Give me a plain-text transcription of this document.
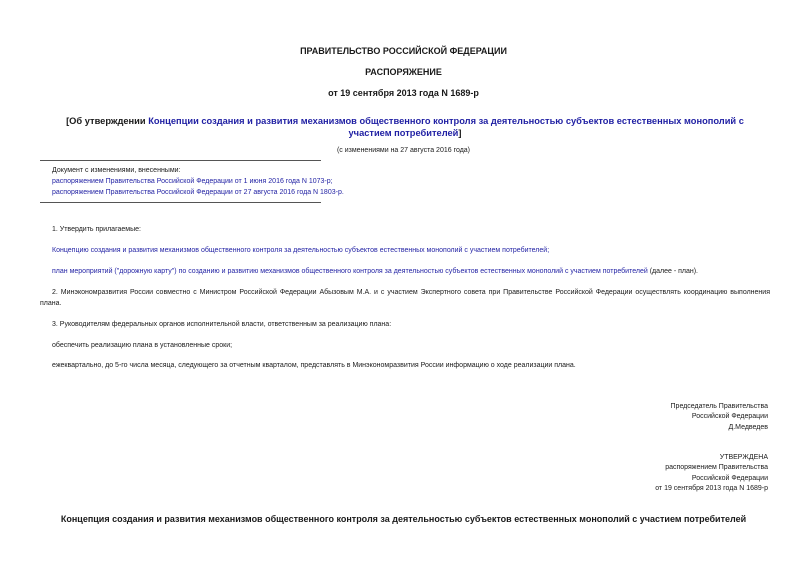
ПРАВИТЕЛЬСТВО РОССИЙСКОЙ ФЕДЕРАЦИИ
РАСПОРЯЖЕНИЕ
от 19 сентября 2013 года N 1689-р
[Об утверждении Концепции создания и развития механизмов общественного контроля за деятельностью субъектов естественных монополий с участием потребителей]
(с изменениями на 27 августа 2016 года)
Документ с изменениями, внесенными:
распоряжением Правительства Российской Федерации от 1 июня 2016 года N 1073-р;
распоряжением Правительства Российской Федерации от 27 августа 2016 года N 1803-р.
1. Утвердить прилагаемые:
Концепцию создания и развития механизмов общественного контроля за деятельностью субъектов естественных монополий с участием потребителей;
план мероприятий ("дорожную карту") по созданию и развитию механизмов общественного контроля за деятельностью субъектов естественных монополий с участием потребителей (далее - план).
2. Минэкономразвития России совместно с Министром Российской Федерации Абызовым М.А. и с участием Экспертного совета при Правительстве Российской Федерации осуществлять координацию выполнения плана.
3. Руководителям федеральных органов исполнительной власти, ответственным за реализацию плана:
обеспечить реализацию плана в установленные сроки;
ежеквартально, до 5-го числа месяца, следующего за отчетным кварталом, представлять в Минэкономразвития России информацию о ходе реализации плана.
Председатель Правительства
Российской Федерации
Д.Медведев
УТВЕРЖДЕНА
распоряжением Правительства
Российской Федерации
от 19 сентября 2013 года N 1689-р
Концепция создания и развития механизмов общественного контроля за деятельностью субъектов естественных монополий с участием потребителей
